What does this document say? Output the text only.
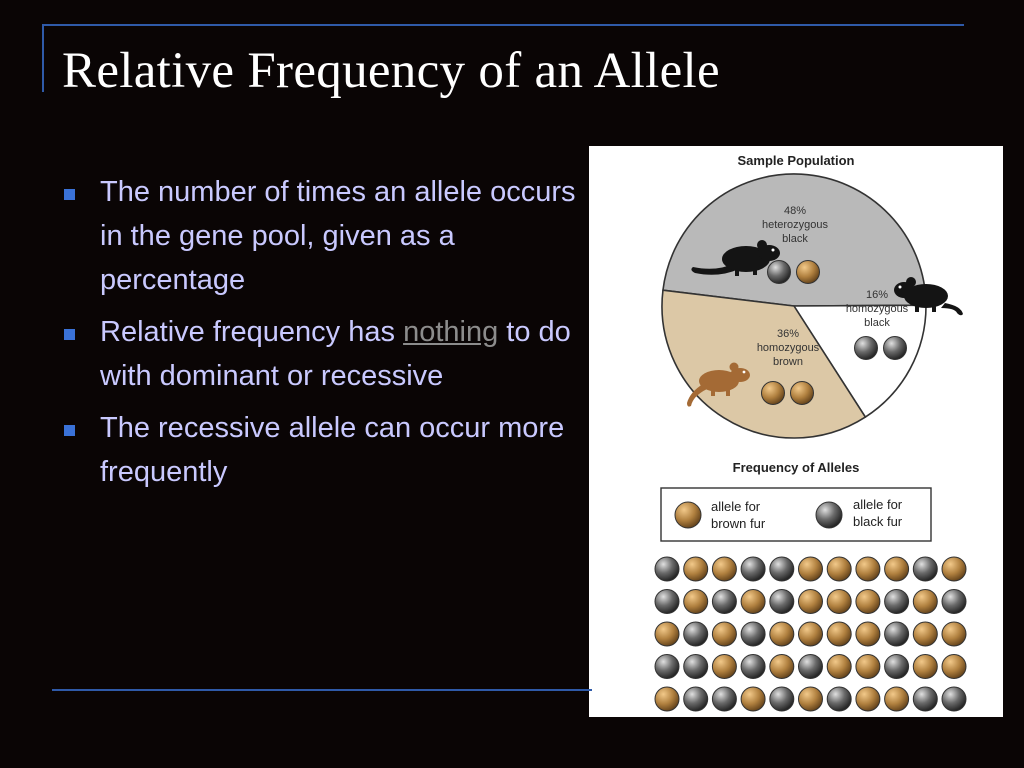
Relative Frequency of an Allele
The number of times an allele occurs in the gene pool, given as a percentage
Relative frequency has nothing to do with dominant or recessive
The recessive allele can occur more frequently
Sample Population
48%
heterozygous
black
16%
homozygous
black
36%
homozygous
brown
Frequency of Alleles
allele for
brown fur
allele for
black fur
